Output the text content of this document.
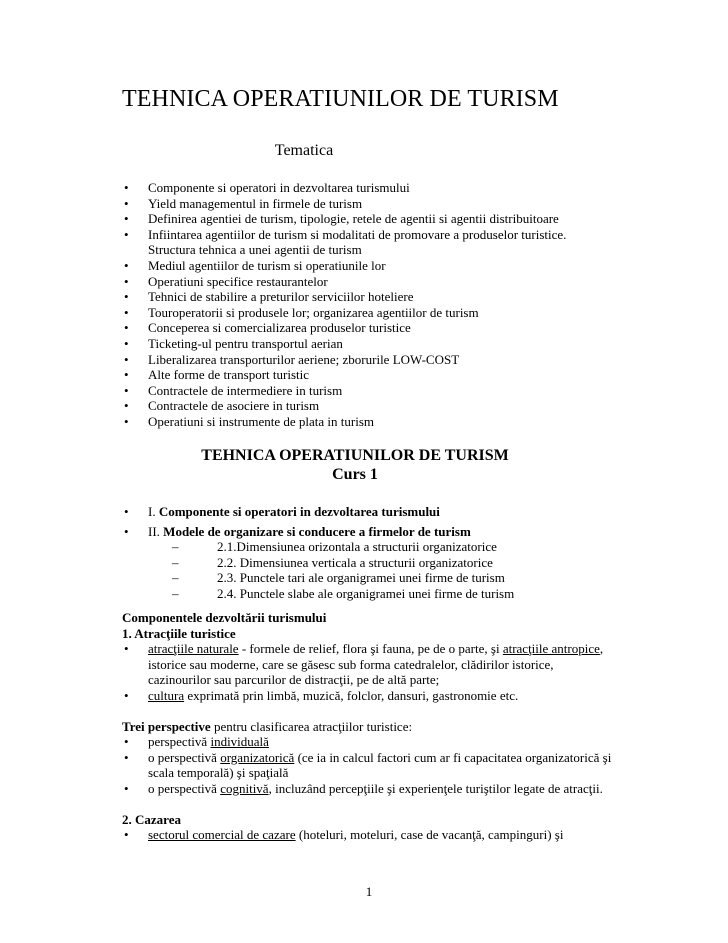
TEHNICA OPERATIUNILOR DE TURISM
Tematica
• Componente si operatori in dezvoltarea turismului
• Yield managementul in firmele de turism
• Definirea agentiei de turism, tipologie, retele de agentii si agentii distribuitoare
• Infiintarea agentiilor de turism si modalitati de promovare a produselor turistice.
Structura tehnica a unei agentii de turism
• Mediul agentiilor de turism si operatiunile lor
• Operatiuni specifice restaurantelor
• Tehnici de stabilire a preturilor serviciilor hoteliere
• Touroperatorii si produsele lor; organizarea agentiilor de turism
• Conceperea si comercializarea produselor turistice
• Ticketing-ul pentru transportul aerian
• Liberalizarea transporturilor aeriene; zborurile LOW-COST
• Alte forme de transport turistic
• Contractele de intermediere in turism
• Contractele de asociere in turism
• Operatiuni si instrumente de plata in turism
TEHNICA OPERATIUNILOR DE TURISM
Curs 1
• I. Componente si operatori in dezvoltarea turismului
• II. Modele de organizare si conducere a firmelor de turism
–	2.1.Dimensiunea orizontala a structurii organizatorice
–	2.2. Dimensiunea verticala a structurii organizatorice
–	2.3. Punctele tari ale organigramei unei firme de turism
–	2.4. Punctele slabe ale organigramei unei firme de turism
Componentele dezvoltării turismului
1. Atracţiile turistice
• atracţiile naturale - formele de relief, flora şi fauna, pe de o parte, şi atracţiile antropice,
istorice sau moderne, care se găsesc sub forma catedralelor, clădirilor istorice,
cazinourilor sau parcurilor de distracţii, pe de altă parte;
• cultura exprimată prin limbă, muzică, folclor, dansuri, gastronomie etc.
Trei perspective pentru clasificarea atracţiilor turistice:
• perspectivă individuală
• o perspectivă organizatorică (ce ia in calcul factori cum ar fi capacitatea organizatorică şi
scala temporală) şi spaţială
• o perspectivă cognitivă, incluzând percepţiile şi experienţele turiştilor legate de atracţii.
2. Cazarea
• sectorul comercial de cazare (hoteluri, moteluri, case de vacanţă, campinguri) şi
1
